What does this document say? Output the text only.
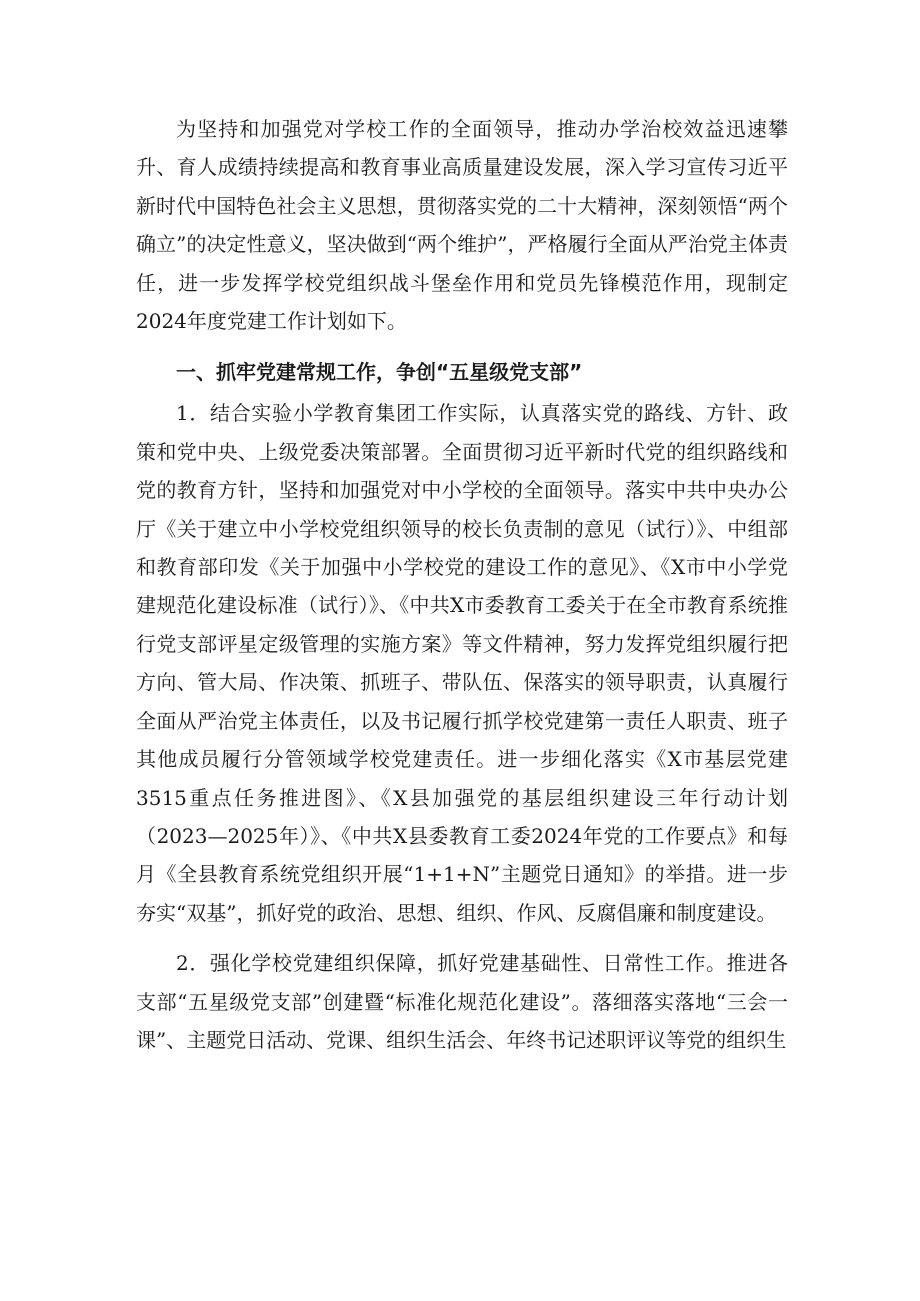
为坚持和加强党对学校工作的全面领导，推动办学治校效益迅速攀升、育人成绩持续提高和教育事业高质量建设发展，深入学习宣传习近平新时代中国特色社会主义思想，贯彻落实党的二十大精神，深刻领悟“两个确立”的决定性意义，坚决做到“两个维护”，严格履行全面从严治党主体责任，进一步发挥学校党组织战斗堡垒作用和党员先锋模范作用，现制定2024年度党建工作计划如下。

一、抓牢党建常规工作，争创“五星级党支部”

1．结合实验小学教育集团工作实际，认真落实党的路线、方针、政策和党中央、上级党委决策部署。全面贯彻习近平新时代党的组织路线和党的教育方针，坚持和加强党对中小学校的全面领导。落实中共中央办公厅《关于建立中小学校党组织领导的校长负责制的意见（试行）》、中组部和教育部印发《关于加强中小学校党的建设工作的意见》、《X市中小学党建规范化建设标准（试行）》、《中共X市委教育工委关于在全市教育系统推行党支部评星定级管理的实施方案》等文件精神，努力发挥党组织履行把方向、管大局、作决策、抓班子、带队伍、保落实的领导职责，认真履行全面从严治党主体责任，以及书记履行抓学校党建第一责任人职责、班子其他成员履行分管领域学校党建责任。进一步细化落实《X市基层党建3515重点任务推进图》、《X县加强党的基层组织建设三年行动计划（2023—2025年）》、《中共X县委教育工委2024年党的工作要点》和每月《全县教育系统党组织开展“1+1+N”主题党日通知》的举措。进一步夯实“双基”，抓好党的政治、思想、组织、作风、反腐倡廉和制度建设。

2．强化学校党建组织保障，抓好党建基础性、日常性工作。推进各支部“五星级党支部”创建暨“标准化规范化建设”。落细落实落地“三会一课”、主题党日活动、党课、组织生活会、年终书记述职评议等党的组织生
